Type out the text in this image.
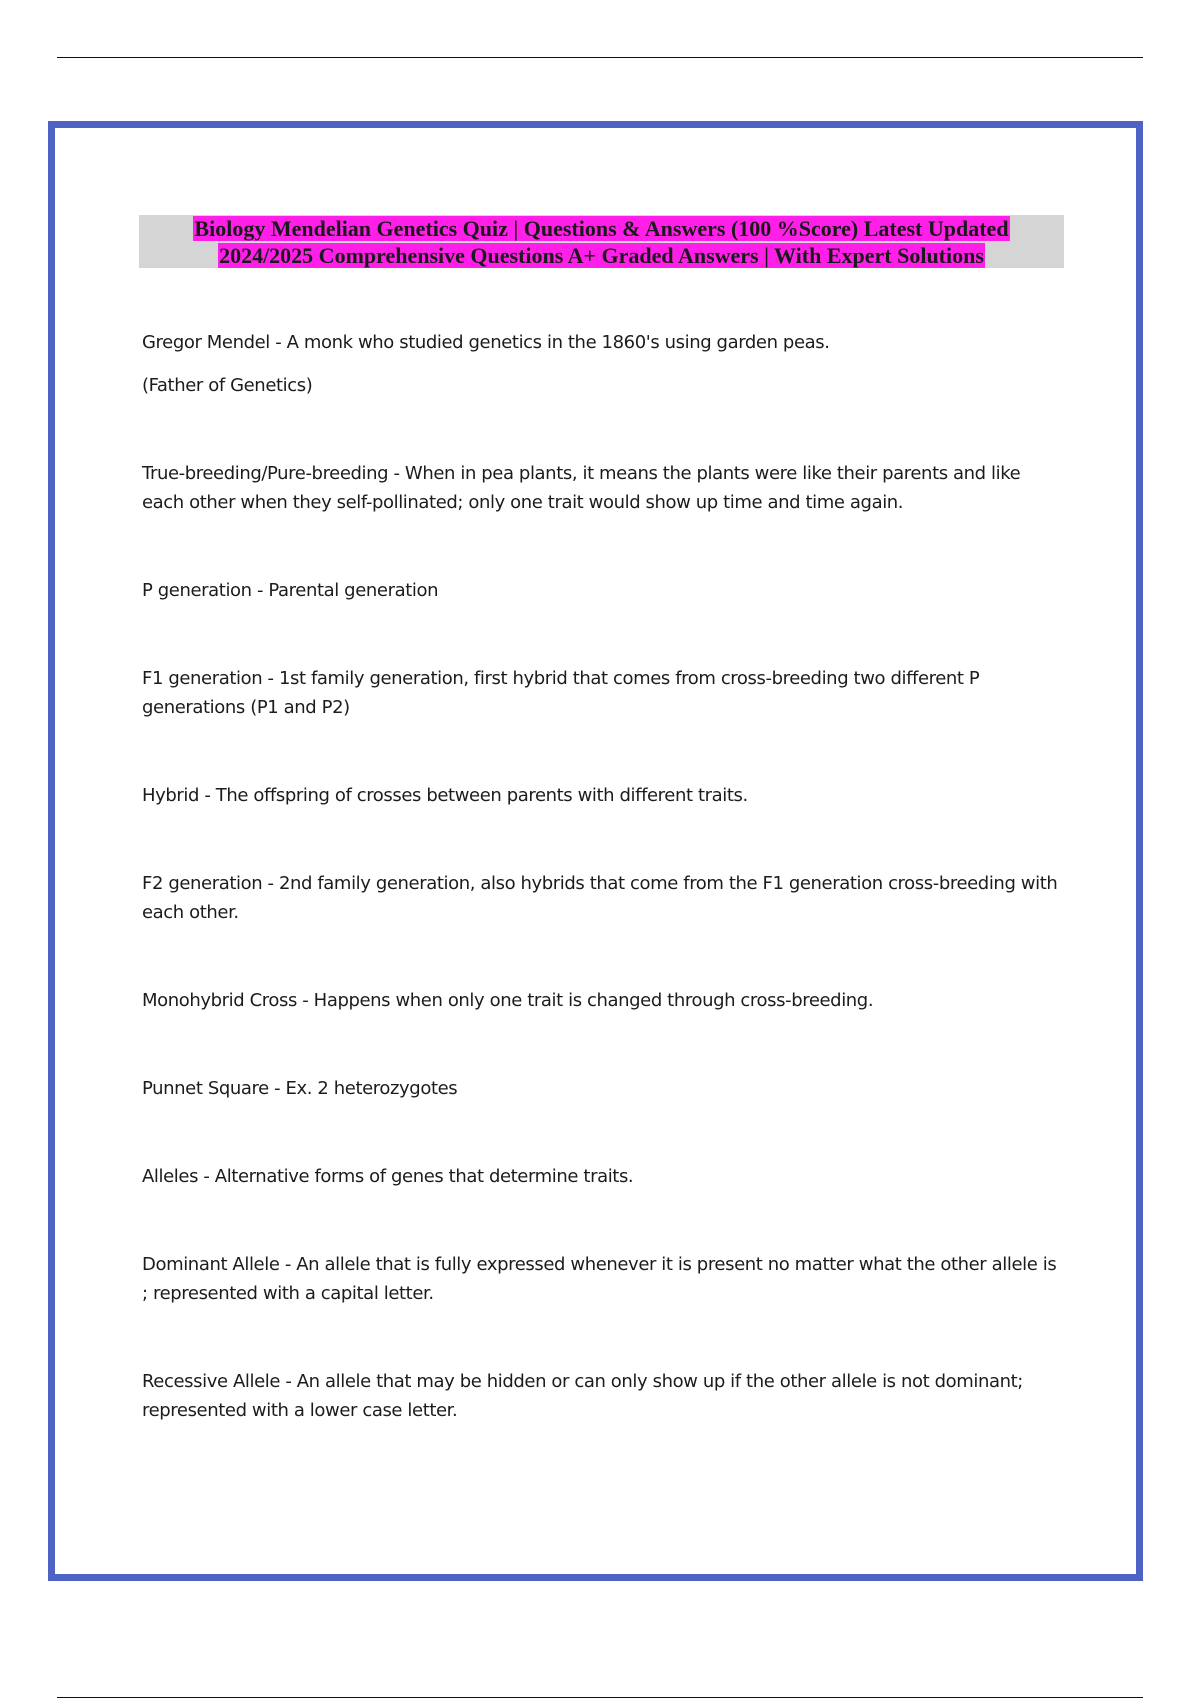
Biology Mendelian Genetics Quiz | Questions & Answers (100 %Score) Latest Updated
2024/2025 Comprehensive Questions A+ Graded Answers | With Expert Solutions

Gregor Mendel - A monk who studied genetics in the 1860's using garden peas.

(Father of Genetics)

True-breeding/Pure-breeding - When in pea plants, it means the plants were like their parents and like each other when they self-pollinated; only one trait would show up time and time again.

P generation - Parental generation

F1 generation - 1st family generation, first hybrid that comes from cross-breeding two different P generations (P1 and P2)

Hybrid - The offspring of crosses between parents with different traits.

F2 generation - 2nd family generation, also hybrids that come from the F1 generation cross-breeding with each other.

Monohybrid Cross - Happens when only one trait is changed through cross-breeding.

Punnet Square - Ex. 2 heterozygotes

Alleles - Alternative forms of genes that determine traits.

Dominant Allele - An allele that is fully expressed whenever it is present no matter what the other allele is ; represented with a capital letter.

Recessive Allele - An allele that may be hidden or can only show up if the other allele is not dominant; represented with a lower case letter.
